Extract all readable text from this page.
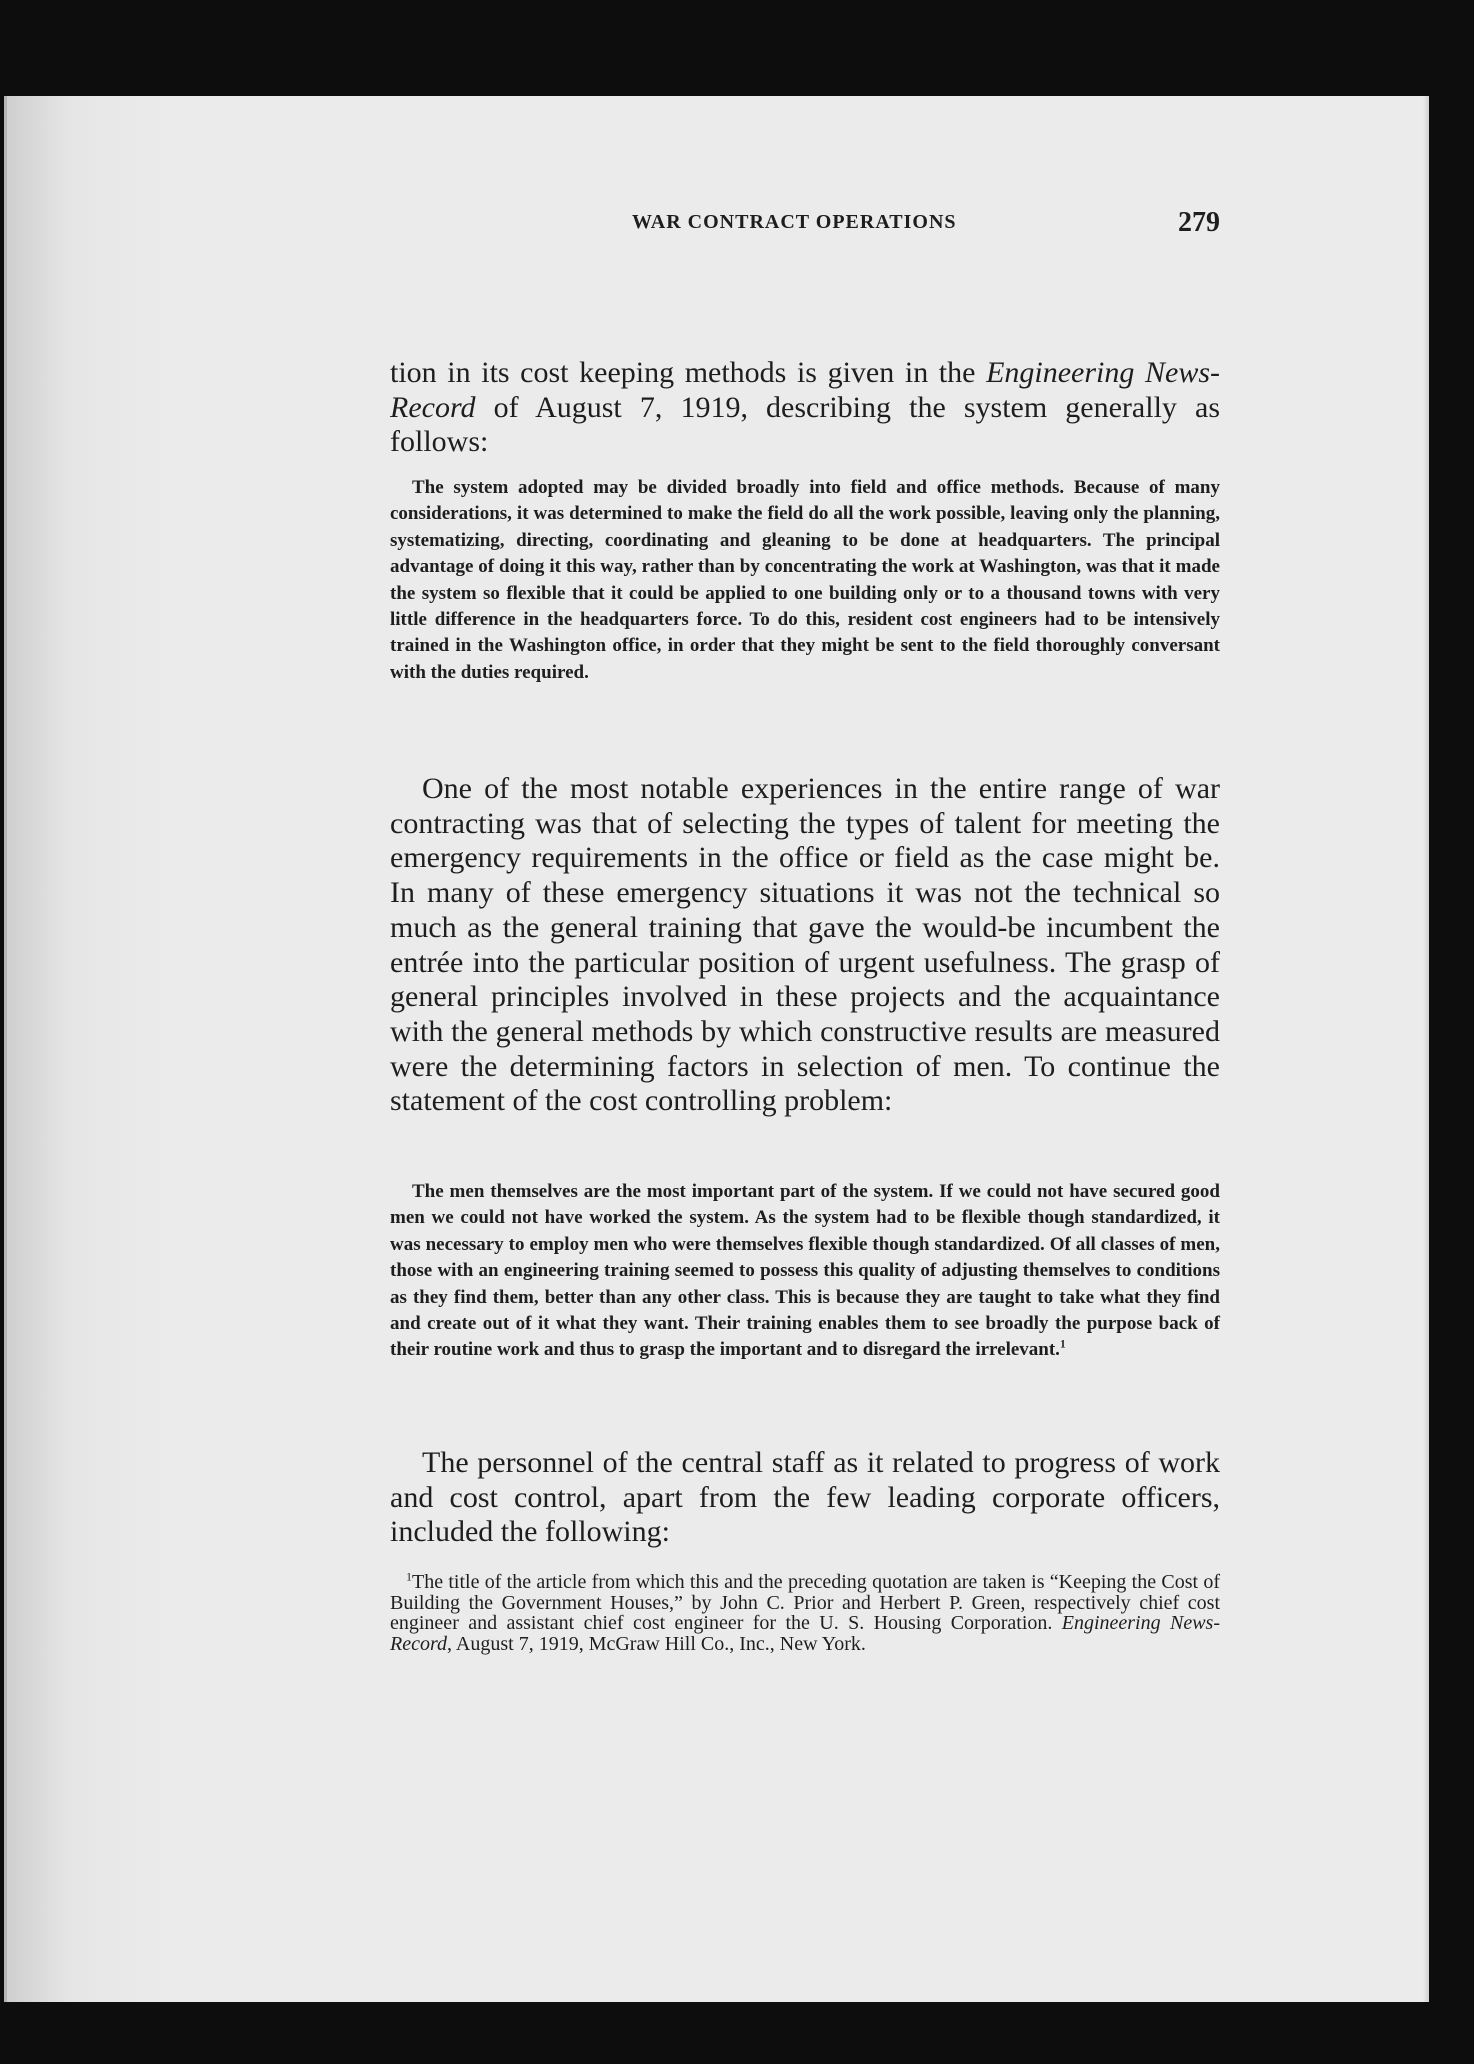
WAR CONTRACT OPERATIONS	279

tion in its cost keeping methods is given in the Engineering News-Record of August 7, 1919, describing the system generally as follows:

The system adopted may be divided broadly into field and office methods. Because of many considerations, it was determined to make the field do all the work possible, leaving only the planning, systematizing, directing, coordinating and gleaning to be done at headquarters. The principal advantage of doing it this way, rather than by concentrating the work at Washington, was that it made the system so flexible that it could be applied to one building only or to a thousand towns with very little difference in the headquarters force. To do this, resident cost engineers had to be intensively trained in the Washington office, in order that they might be sent to the field thoroughly conversant with the duties required.

One of the most notable experiences in the entire range of war contracting was that of selecting the types of talent for meeting the emergency requirements in the office or field as the case might be. In many of these emergency situations it was not the technical so much as the general training that gave the would-be incumbent the entrée into the particular position of urgent usefulness. The grasp of general principles involved in these projects and the acquaintance with the general methods by which constructive results are measured were the determining factors in selection of men. To continue the statement of the cost controlling problem:

The men themselves are the most important part of the system. If we could not have secured good men we could not have worked the system. As the system had to be flexible though standardized, it was necessary to employ men who were themselves flexible though standardized. Of all classes of men, those with an engineering training seemed to possess this quality of adjusting themselves to conditions as they find them, better than any other class. This is because they are taught to take what they find and create out of it what they want. Their training enables them to see broadly the purpose back of their routine work and thus to grasp the important and to disregard the irrelevant.$^1$

The personnel of the central staff as it related to progress of work and cost control, apart from the few leading corporate officers, included the following:

$^1$The title of the article from which this and the preceding quotation are taken is “Keeping the Cost of Building the Government Houses,” by John C. Prior and Herbert P. Green, respectively chief cost engineer and assistant chief cost engineer for the U. S. Housing Corporation. Engineering News-Record, August 7, 1919, McGraw Hill Co., Inc., New York.
